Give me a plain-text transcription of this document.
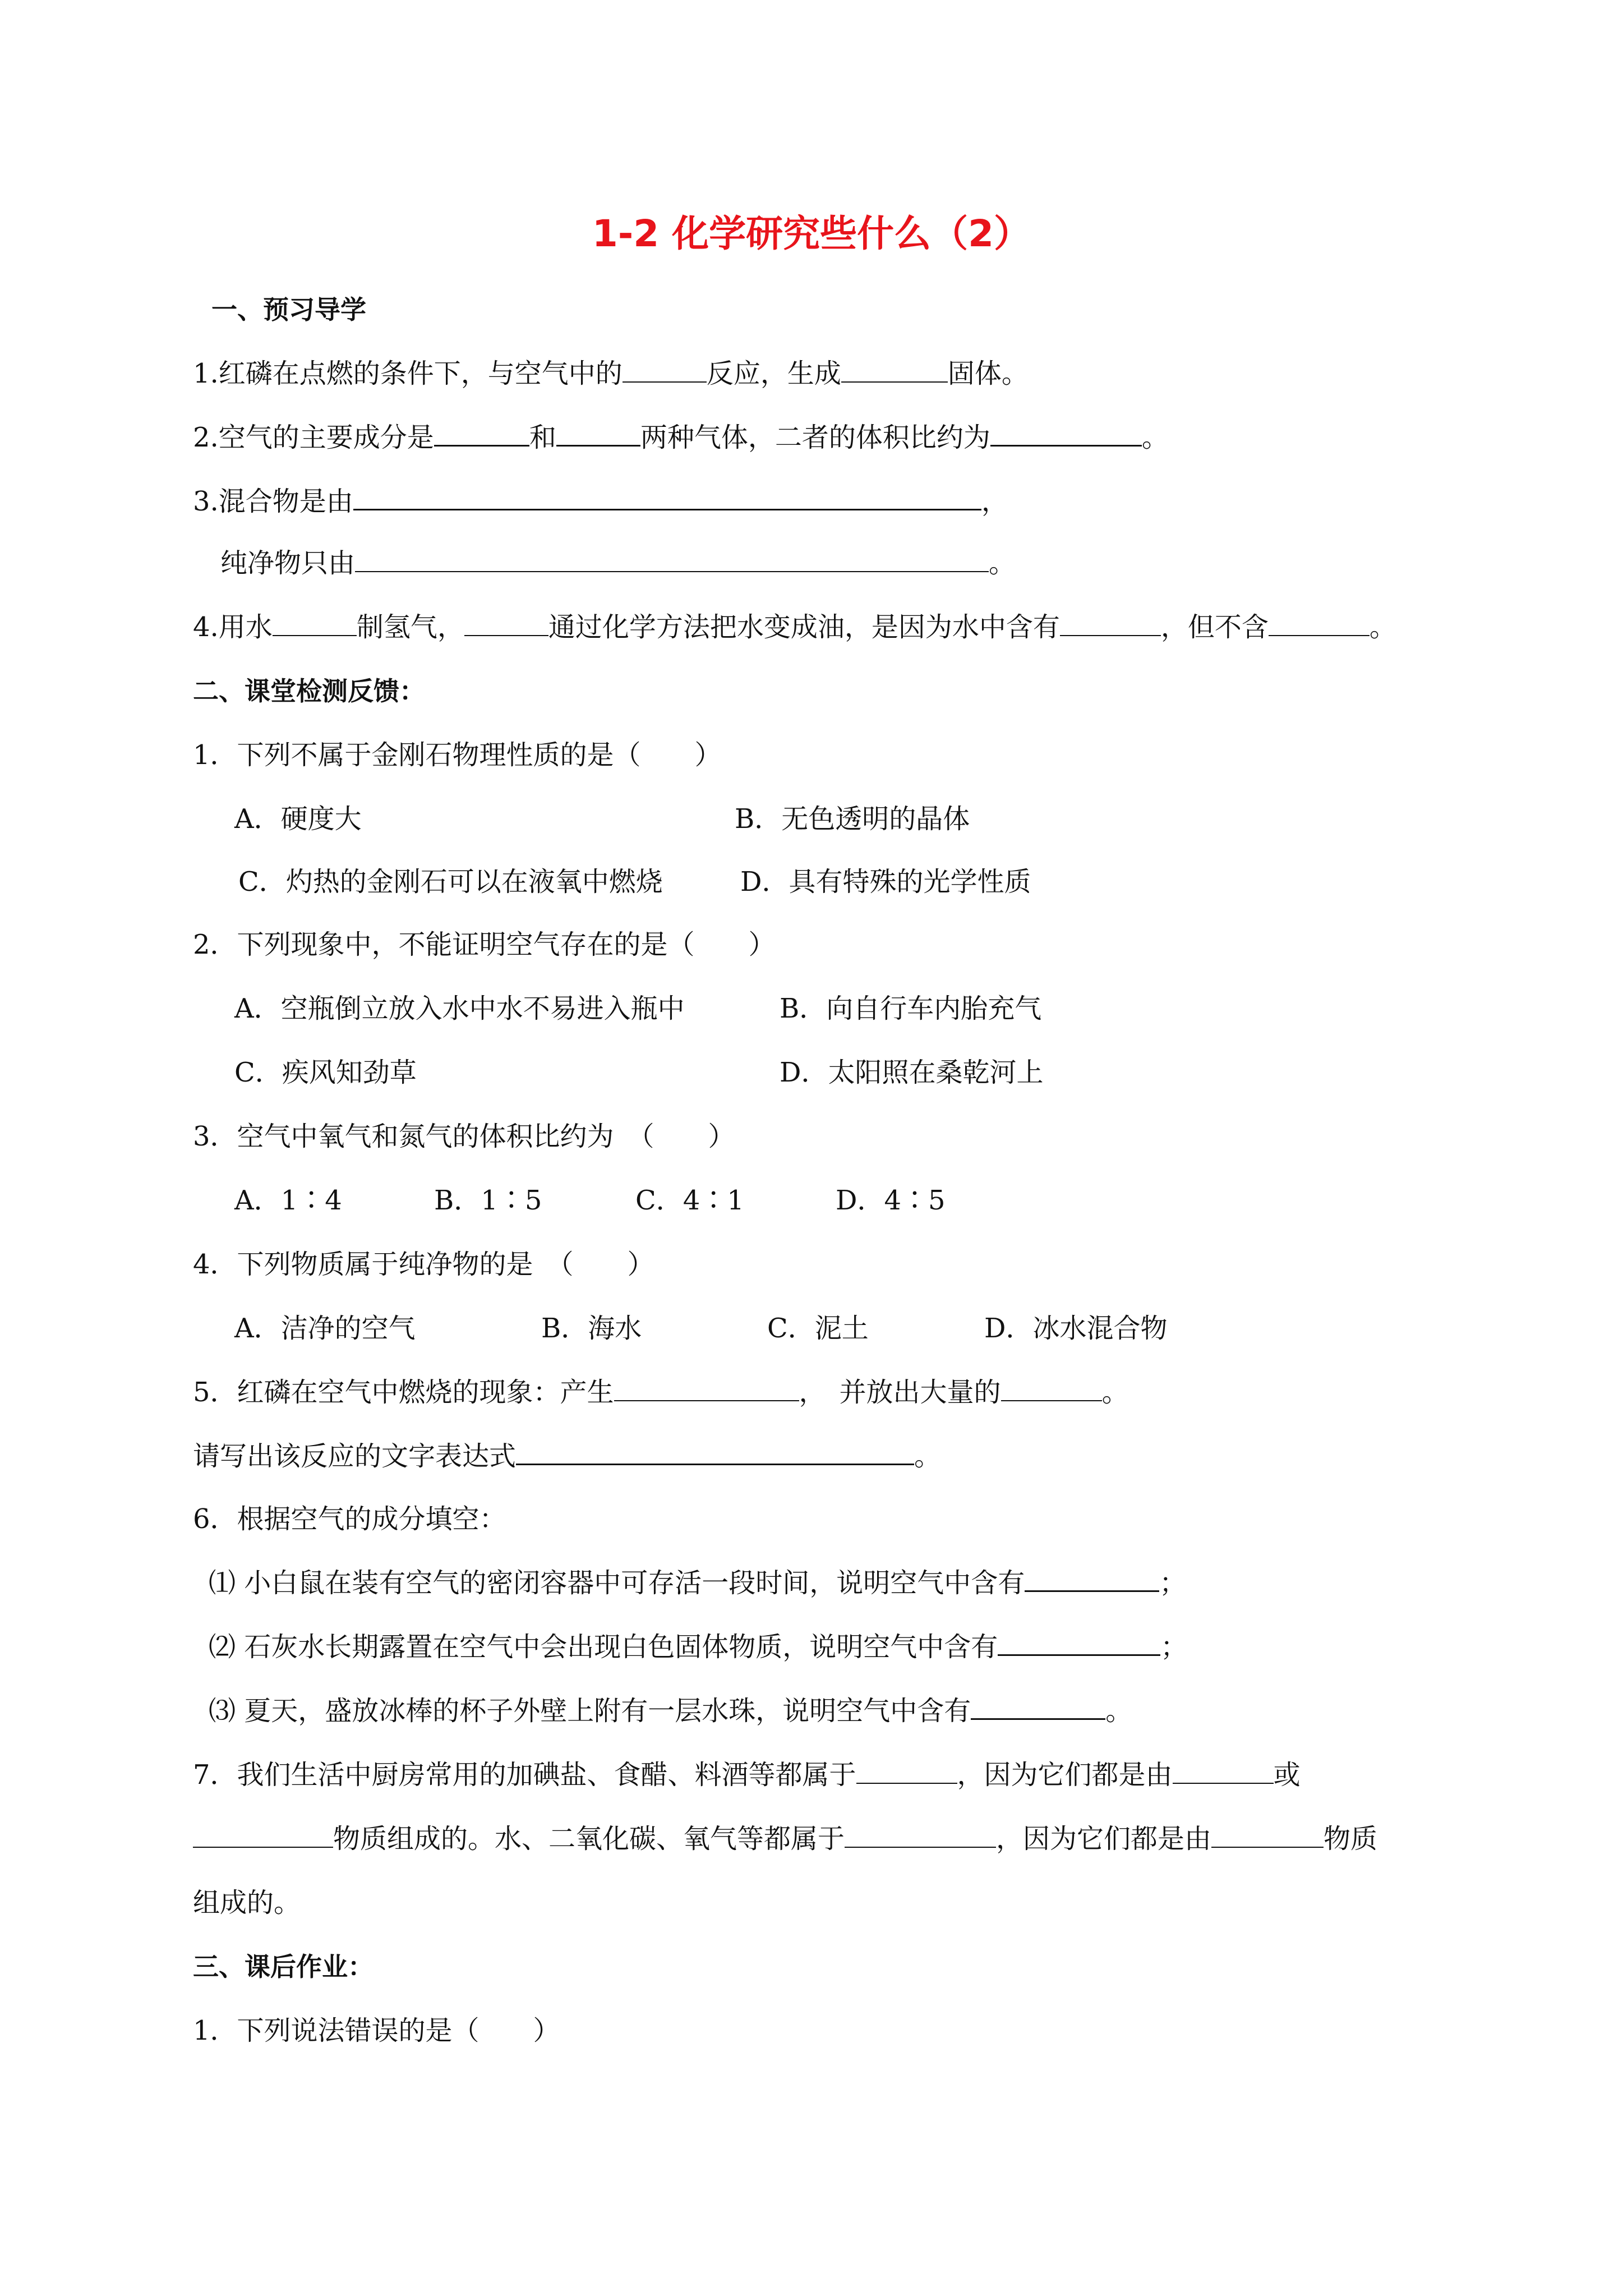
1-2 化学研究些什么（2）
一、预习导学
1.红磷在点燃的条件下，与空气中的	反应，生成	固体。
2.空气的主要成分是	和	两种气体，二者的体积比约为	。
3.混合物是由	，
纯净物只由	。
4.用水	制氢气，	通过化学方法把水变成油，是因为水中含有	，但不含	。
二、课堂检测反馈：
1．下列不属于金刚石物理性质的是（　　）
A．硬度大	B．无色透明的晶体
C．灼热的金刚石可以在液氧中燃烧	D．具有特殊的光学性质
2．下列现象中，不能证明空气存在的是（　　）
A．空瓶倒立放入水中水不易进入瓶中	B．向自行车内胎充气
C．疾风知劲草	D．太阳照在桑乾河上
3．空气中氧气和氮气的体积比约为　（　　）
A．1∶4	B．1∶5	C．4∶1	D．4∶5
4．下列物质属于纯净物的是　（　　）
A．洁净的空气	B．海水	C．泥土	D．冰水混合物
5．红磷在空气中燃烧的现象：产生	，　并放出大量的	。
请写出该反应的文字表达式	。
6．根据空气的成分填空：
⑴ 小白鼠在装有空气的密闭容器中可存活一段时间，说明空气中含有	；
⑵ 石灰水长期露置在空气中会出现白色固体物质，说明空气中含有	；
⑶ 夏天，盛放冰棒的杯子外壁上附有一层水珠，说明空气中含有	。
7．我们生活中厨房常用的加碘盐、食醋、料酒等都属于	，因为它们都是由	或
物质组成的。水、二氧化碳、氧气等都属于	，因为它们都是由	物质
组成的。
三、课后作业：
1．下列说法错误的是（　　）
